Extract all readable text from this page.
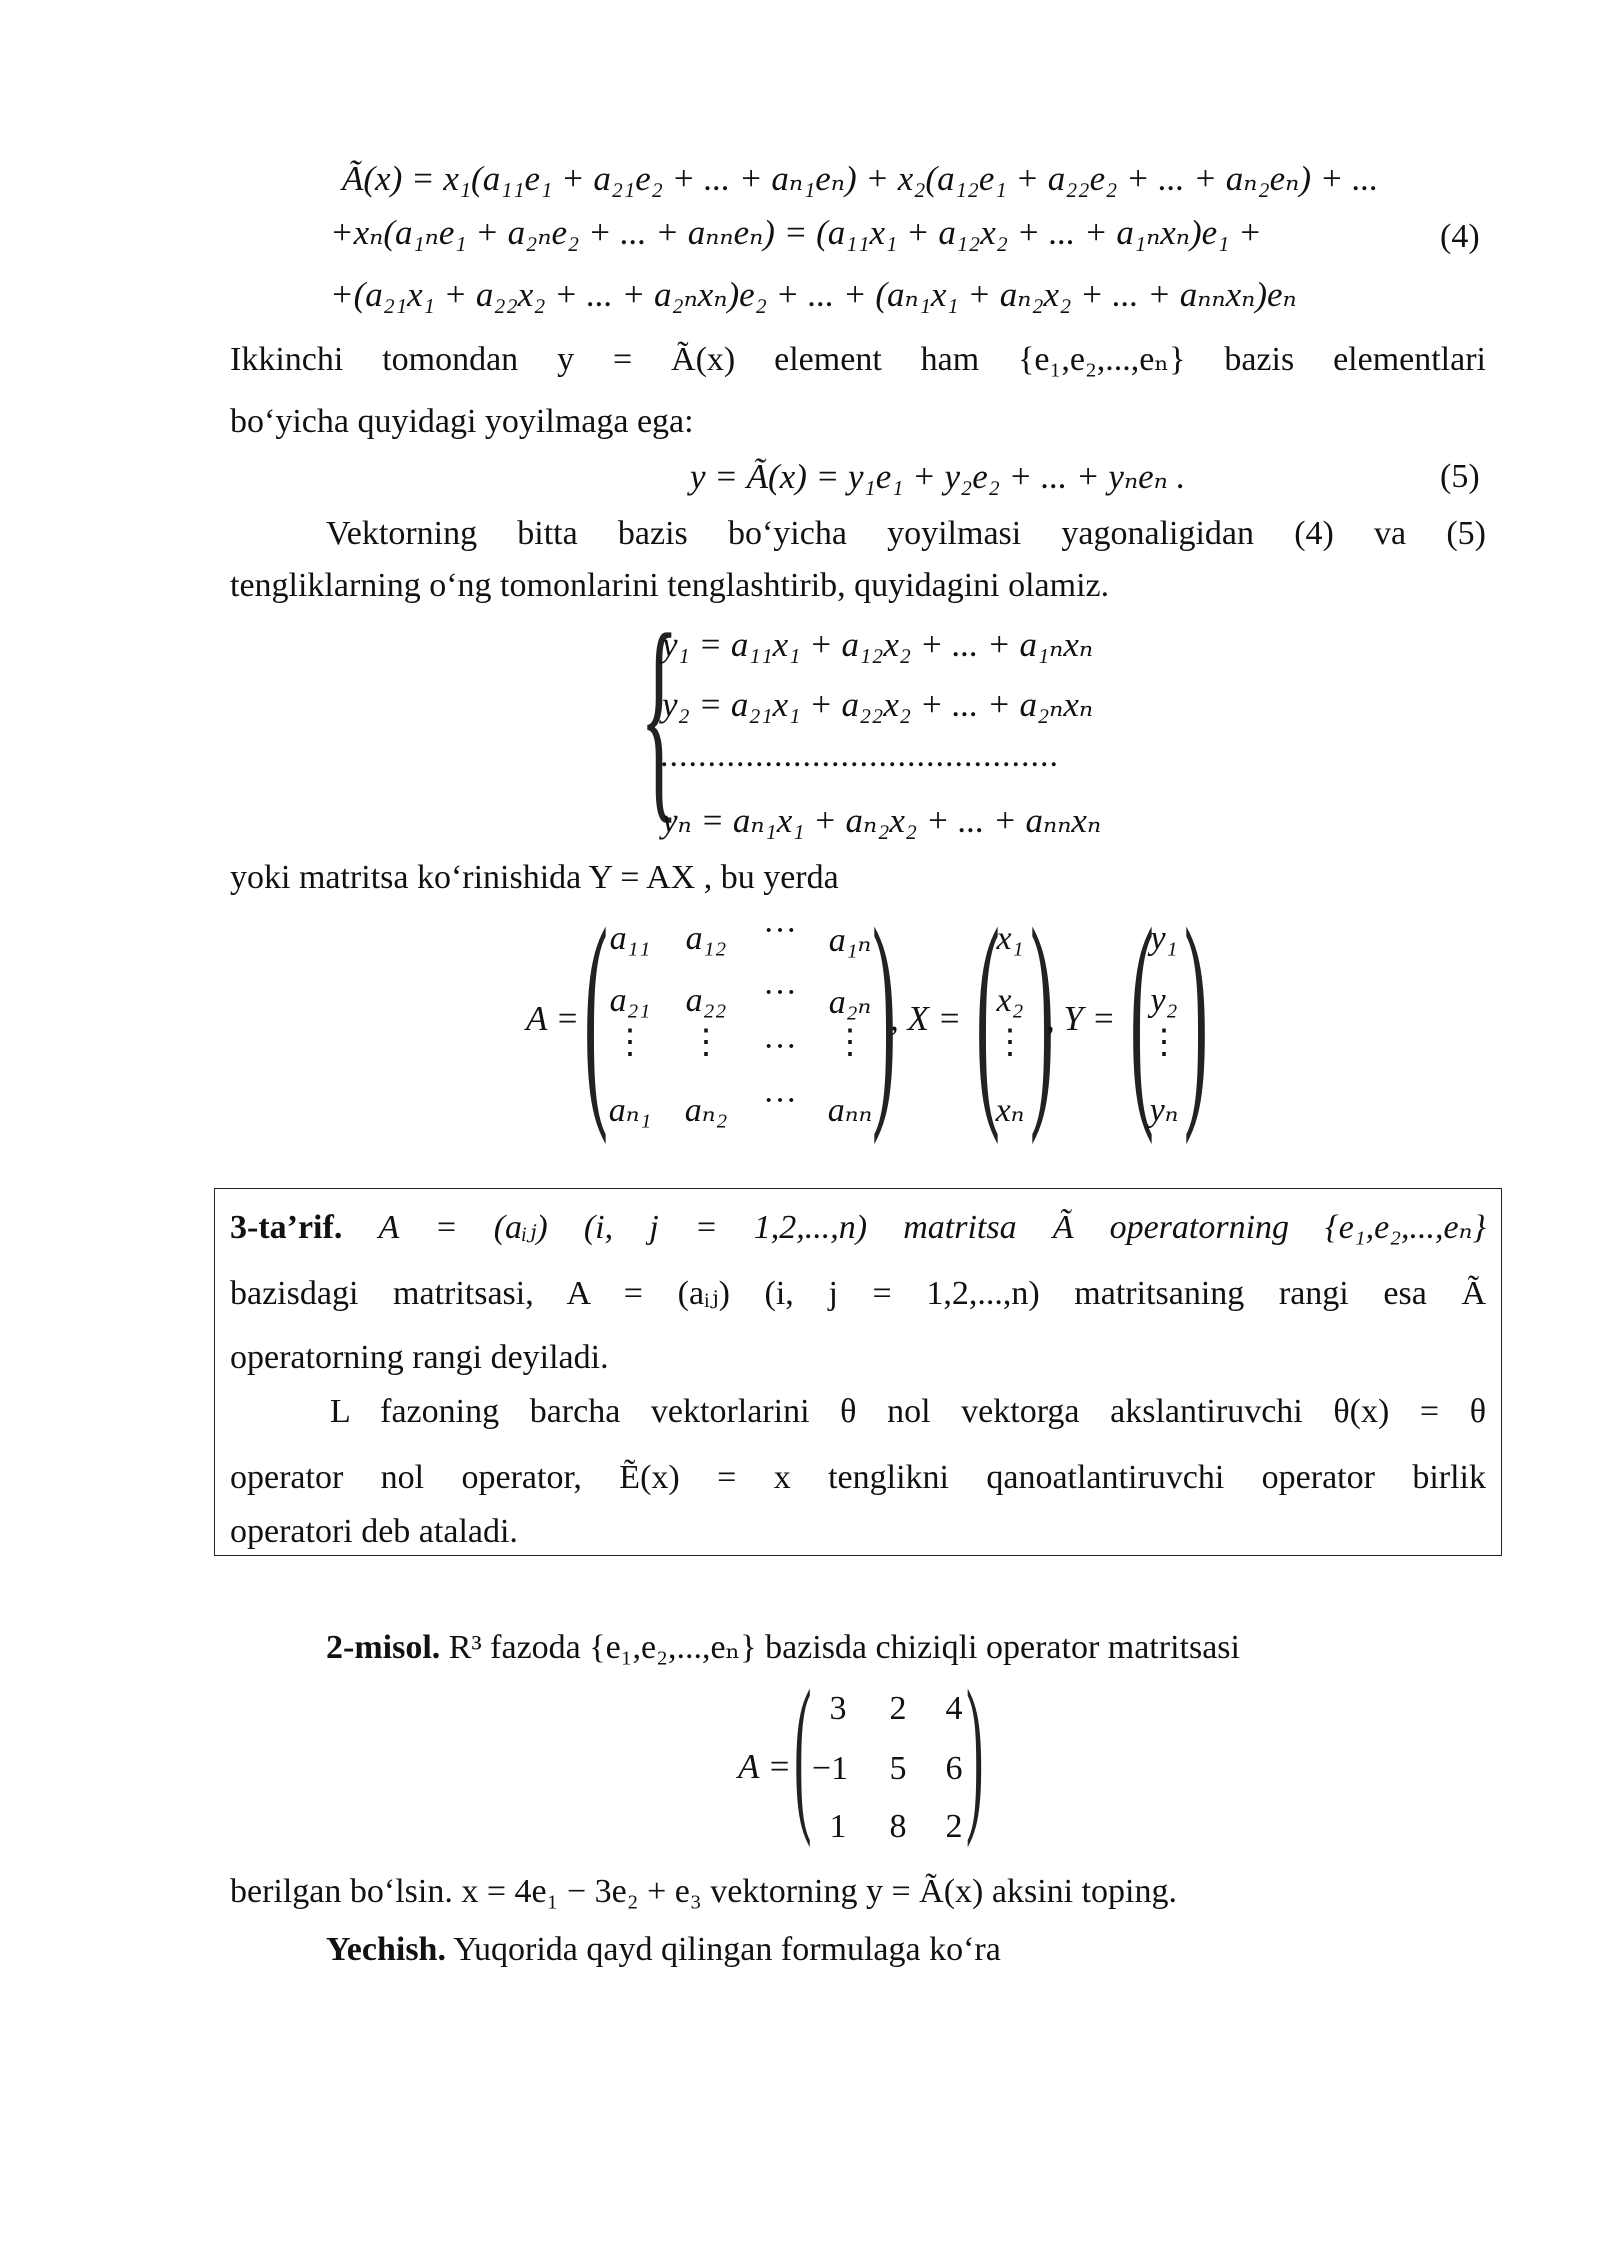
Ã(x) = x₁(a₁₁e₁ + a₂₁e₂ + ... + aₙ₁eₙ) + x₂(a₁₂e₁ + a₂₂e₂ + ... + aₙ₂eₙ) + ...
+xₙ(a₁ₙe₁ + a₂ₙe₂ + ... + aₙₙeₙ) = (a₁₁x₁ + a₁₂x₂ + ... + a₁ₙxₙ)e₁ +	(4)
+(a₂₁x₁ + a₂₂x₂ + ... + a₂ₙxₙ)e₂ + ... + (aₙ₁x₁ + aₙ₂x₂ + ... + aₙₙxₙ)eₙ
Ikkinchi tomondan y = Ã(x) element ham {e₁,e₂,...,eₙ} bazis elementlari
bo‘yicha quyidagi yoyilmaga ega:
y = Ã(x) = y₁e₁ + y₂e₂ + ... + yₙeₙ .	(5)
Vektorning bitta bazis bo‘yicha yoyilmasi yagonaligidan (4) va (5)
tengliklarning o‘ng tomonlarini tenglashtirib, quyidagini olamiz.
{
y₁ = a₁₁x₁ + a₁₂x₂ + ... + a₁ₙxₙ
y₂ = a₂₁x₁ + a₂₂x₂ + ... + a₂ₙxₙ
..........................................
yₙ = aₙ₁x₁ + aₙ₂x₂ + ... + aₙₙxₙ
yoki matritsa ko‘rinishida Y = AX , bu yerda
A = ( )
a₁₁ a₁₂	··· a₁ₙ
a₂₁ a₂₂	··· a₂ₙ
⋮	⋮	···	⋮
aₙ₁ aₙ₂	··· aₙₙ
, X = ( )
x₁
x₂
⋮
xₙ
, Y = ( )
y₁
y₂
⋮
yₙ
3-ta’rif. A = (aᵢⱼ) (i, j = 1,2,...,n) matritsa Ã operatorning {e₁,e₂,...,eₙ}
bazisdagi matritsasi, A = (aᵢⱼ) (i, j = 1,2,...,n) matritsaning rangi esa Ã
operatorning rangi deyiladi.
L fazoning barcha vektorlarini θ nol vektorga akslantiruvchi θ(x) = θ
operator nol operator, Ẽ(x) = x tenglikni qanoatlantiruvchi operator birlik
operatori deb ataladi.
2-misol. R³ fazoda {e₁,e₂,...,eₙ} bazisda chiziqli operator matritsasi
A = ( )
3	2	4
−1	5	6
1	8	2
berilgan bo‘lsin. x = 4e₁ − 3e₂ + e₃ vektorning y = Ã(x) aksini toping.
Yechish. Yuqorida qayd qilingan formulaga ko‘ra
